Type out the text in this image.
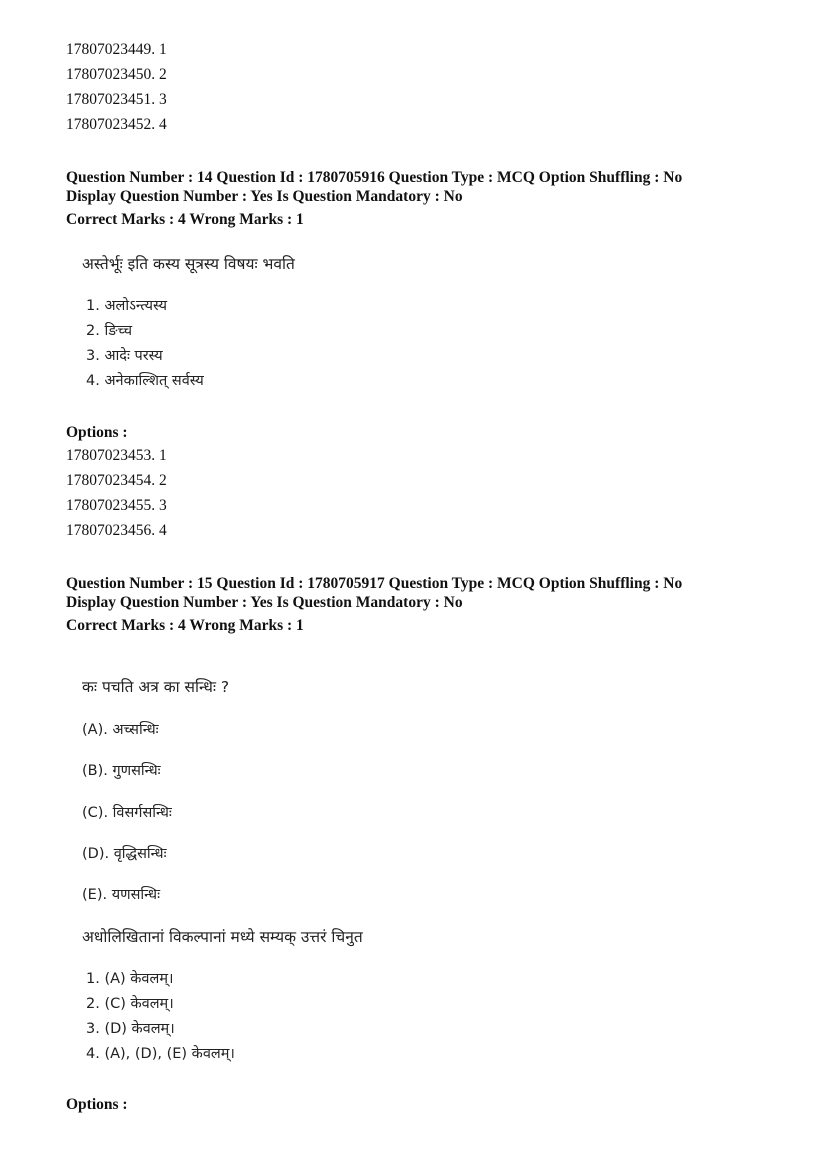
17807023449. 1
17807023450. 2
17807023451. 3
17807023452. 4
Question Number : 14 Question Id : 1780705916 Question Type : MCQ Option Shuffling : No
Display Question Number : Yes Is Question Mandatory : No
Correct Marks : 4 Wrong Marks : 1
अस्तेर्भूः इति कस्य सूत्रस्य विषयः भवति
1. अलोऽन्त्यस्य
2. ङिच्च
3. आदेः परस्य
4. अनेकाल्शित् सर्वस्य
Options :
17807023453. 1
17807023454. 2
17807023455. 3
17807023456. 4
Question Number : 15 Question Id : 1780705917 Question Type : MCQ Option Shuffling : No
Display Question Number : Yes Is Question Mandatory : No
Correct Marks : 4 Wrong Marks : 1
कः पचति अत्र का सन्धिः ?
(A). अच्सन्धिः
(B). गुणसन्धिः
(C). विसर्गसन्धिः
(D). वृद्धिसन्धिः
(E). यणसन्धिः
अधोलिखितानां विकल्पानां मध्ये सम्यक् उत्तरं चिनुत
1. (A) केवलम्।
2. (C) केवलम्।
3. (D) केवलम्।
4. (A), (D), (E) केवलम्।
Options :
